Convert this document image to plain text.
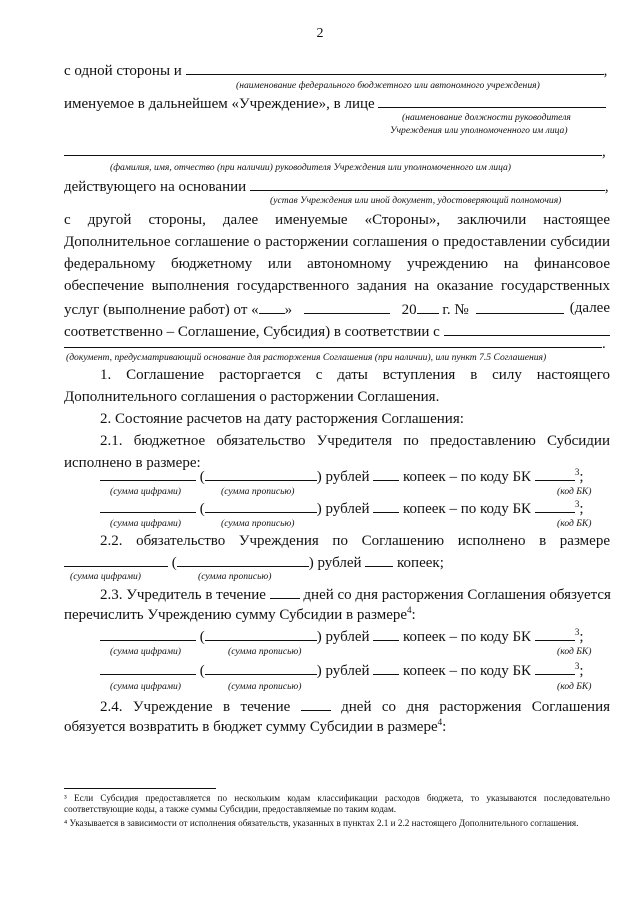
2
с одной стороны и	,
(наименование федерального бюджетного или автономного учреждения)
именуемое в дальнейшем «Учреждение», в лице
(наименование должности руководителя
Учреждения или уполномоченного им лица)
,
(фамилия, имя, отчество (при наличии) руководителя Учреждения или уполномоченного им лица)
действующего на основании	,
(устав Учреждения или иной документ, удостоверяющий полномочия)
с другой стороны, далее именуемые «Стороны», заключили настоящее
Дополнительное соглашение о расторжении соглашения о предоставлении субсидии
федеральному бюджетному или автономному учреждению на финансовое
обеспечение выполнения государственного задания на оказание государственных
услуг (выполнение работ) от « »	20 г. №	(далее
соответственно – Соглашение, Субсидия) в соответствии с
.
(документ, предусматривающий основание для расторжения Соглашения (при наличии), или пункт 7.5 Соглашения)
1. Соглашение расторгается с даты вступления в силу настоящего
Дополнительного соглашения о расторжении Соглашения.
2. Состояние расчетов на дату расторжения Соглашения:
2.1. бюджетное обязательство Учредителя по предоставлению Субсидии
исполнено в размере:
(	) рублей копеек – по коду БК	$^3$;
(сумма цифрами)	(сумма прописью)	(код БК)
(	) рублей копеек – по коду БК	$^3$;
(сумма цифрами)	(сумма прописью)	(код БК)
2.2. обязательство Учреждения по Соглашению исполнено в размере
(	) рублей копеек;
(сумма цифрами)	(сумма прописью)
2.3. Учредитель в течение	дней со дня расторжения Соглашения обязуется
перечислить Учреждению сумму Субсидии в размере$^4$:
(	) рублей копеек – по коду БК	$^3$;
(сумма цифрами)	(сумма прописью)	(код БК)
(	) рублей копеек – по коду БК	$^3$;
(сумма цифрами)	(сумма прописью)	(код БК)
2.4. Учреждение в течение	дней со дня расторжения Соглашения
обязуется возвратить в бюджет сумму Субсидии в размере$^4$:
³ Если Субсидия предоставляется по нескольким кодам классификации расходов бюджета, то указываются последовательно соответствующие коды, а также суммы Субсидии, предоставляемые по таким кодам.
⁴ Указывается в зависимости от исполнения обязательств, указанных в пунктах 2.1 и 2.2 настоящего Дополнительного соглашения.
